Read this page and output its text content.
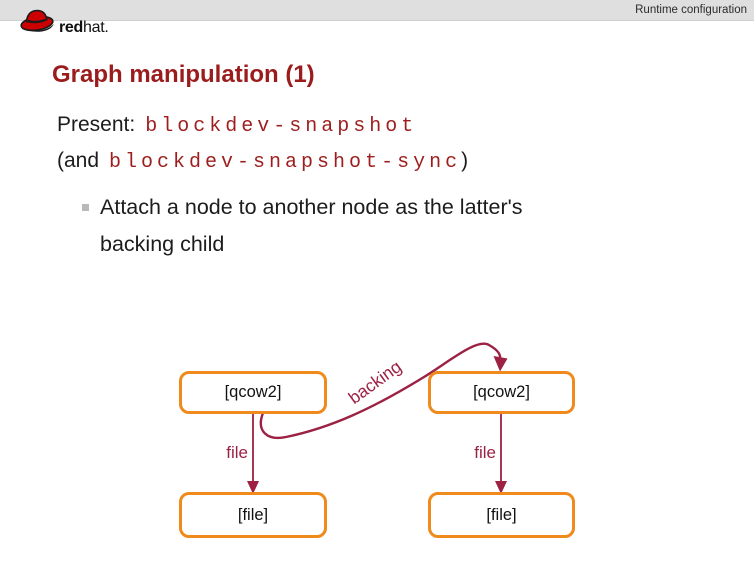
Runtime configuration
redhat.
Graph manipulation (1)
Present: blockdev-snapshot
(and blockdev-snapshot-sync)
Attach a node to another node as the latter's
backing child
[qcow2]	[qcow2]
[file]	[file]
backing
file	file
